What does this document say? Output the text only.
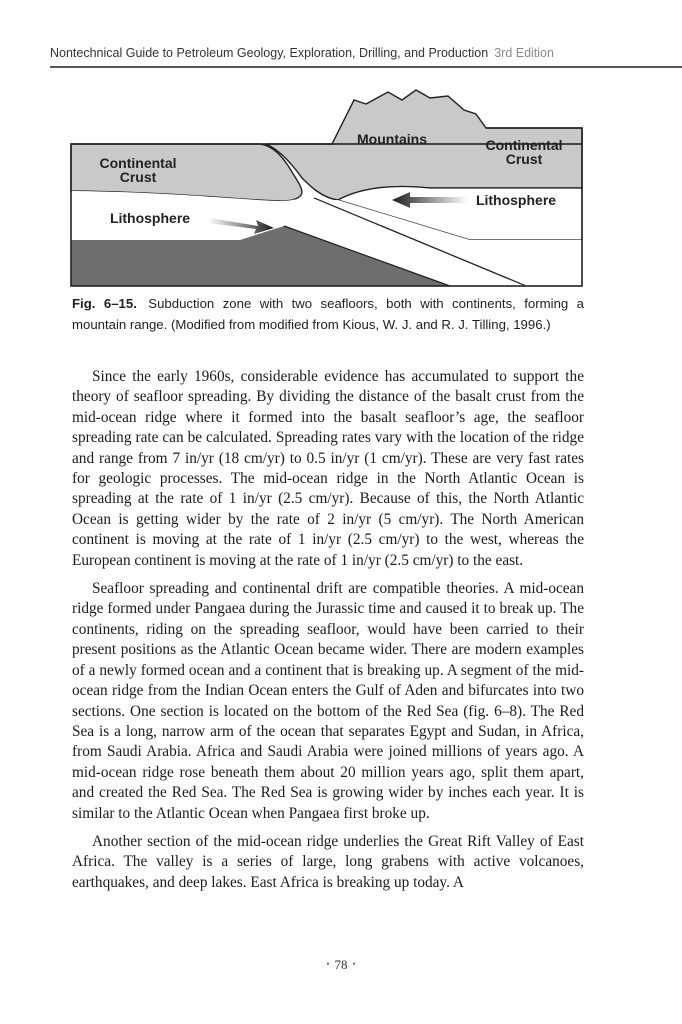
Nontechnical Guide to Petroleum Geology, Exploration, Drilling, and Production 3rd Edition
Mountains	Continental
Crust
Continental
Crust
Lithosphere
Lithosphere
Fig. 6–15. Subduction zone with two seafloors, both with continents, forming a mountain range. (Modified from modified from Kious, W. J. and R. J. Tilling, 1996.)

Since the early 1960s, considerable evidence has accumulated to support the theory of seafloor spreading. By dividing the distance of the basalt crust from the mid-ocean ridge where it formed into the basalt seafloor’s age, the seafloor spreading rate can be calculated. Spreading rates vary with the location of the ridge and range from 7 in/yr (18 cm/yr) to 0.5 in/yr (1 cm/yr). These are very fast rates for geologic processes. The mid-ocean ridge in the North Atlantic Ocean is spreading at the rate of 1 in/yr (2.5 cm/yr). Because of this, the North Atlantic Ocean is getting wider by the rate of 2 in/yr (5 cm/yr). The North American continent is moving at the rate of 1 in/yr (2.5 cm/yr) to the west, whereas the European continent is moving at the rate of 1 in/yr (2.5 cm/yr) to the east.

Seafloor spreading and continental drift are compatible theories. A mid-ocean ridge formed under Pangaea during the Jurassic time and caused it to break up. The continents, riding on the spreading seafloor, would have been carried to their present positions as the Atlantic Ocean became wider. There are modern examples of a newly formed ocean and a continent that is breaking up. A segment of the mid-ocean ridge from the Indian Ocean enters the Gulf of Aden and bifurcates into two sections. One section is located on the bottom of the Red Sea (fig. 6–8). The Red Sea is a long, narrow arm of the ocean that separates Egypt and Sudan, in Africa, from Saudi Arabia. Africa and Saudi Arabia were joined millions of years ago. A mid-ocean ridge rose beneath them about 20 million years ago, split them apart, and created the Red Sea. The Red Sea is growing wider by inches each year. It is similar to the Atlantic Ocean when Pangaea first broke up.

Another section of the mid-ocean ridge underlies the Great Rift Valley of East Africa. The valley is a series of large, long grabens with active volcanoes, earthquakes, and deep lakes. East Africa is breaking up today. A

• 78 •
